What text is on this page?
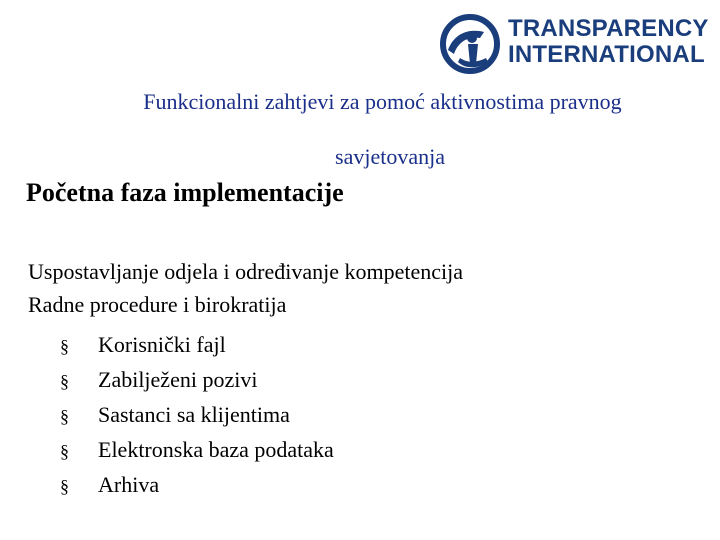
TRANSPARENCY
INTERNATIONAL
Funkcionalni zahtjevi za pomoć aktivnostima pravnog
savjetovanja
Početna faza implementacije
Uspostavljanje odjela i određivanje kompetencija
Radne procedure i birokratija
§	Korisnički fajl
§	Zabilježeni pozivi
§	Sastanci sa klijentima
§	Elektronska baza podataka
§	Arhiva
